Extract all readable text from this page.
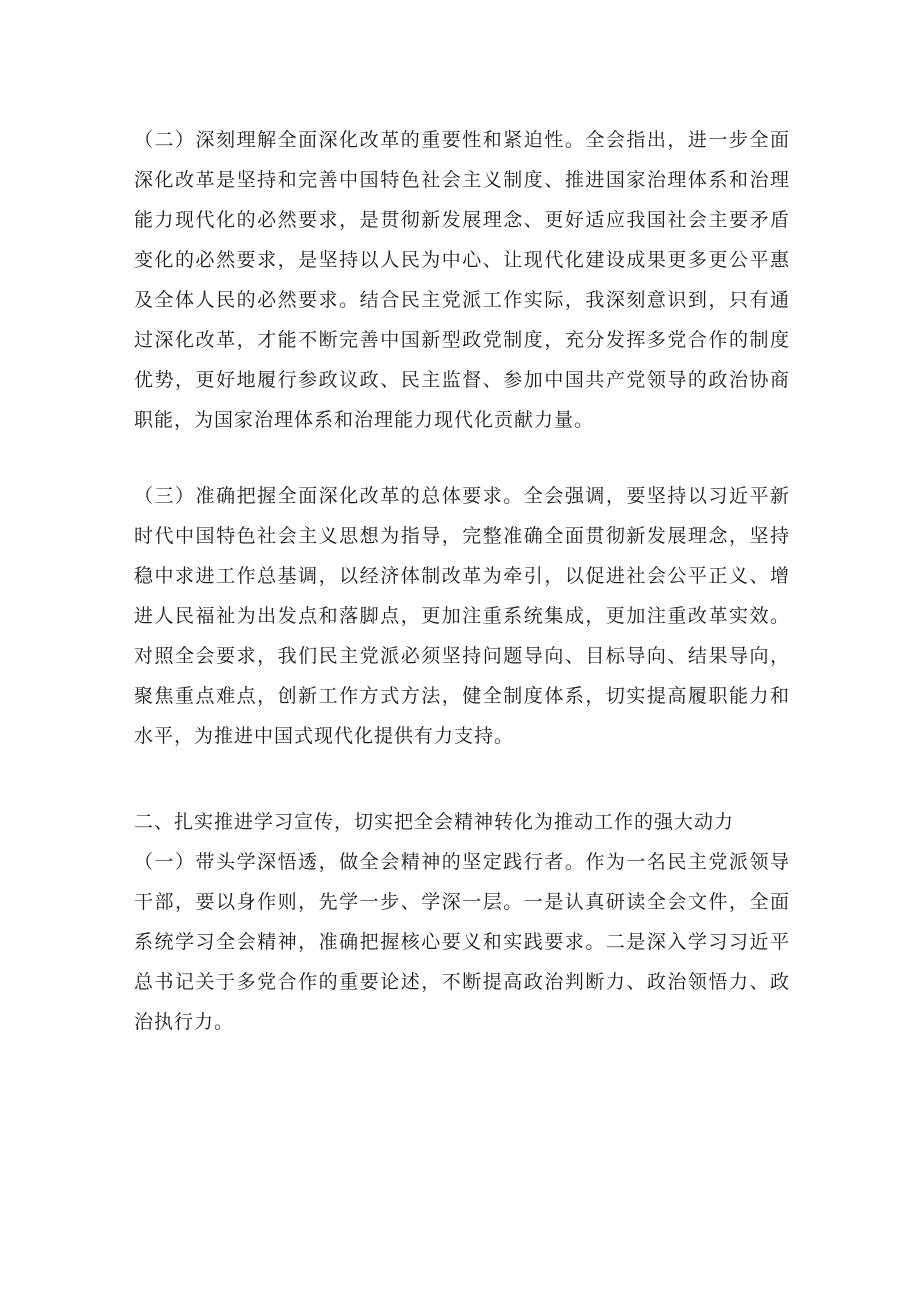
（二）深刻理解全面深化改革的重要性和紧迫性。全会指出，进一步全面深化改革是坚持和完善中国特色社会主义制度、推进国家治理体系和治理能力现代化的必然要求，是贯彻新发展理念、更好适应我国社会主要矛盾变化的必然要求，是坚持以人民为中心、让现代化建设成果更多更公平惠及全体人民的必然要求。结合民主党派工作实际，我深刻意识到，只有通过深化改革，才能不断完善中国新型政党制度，充分发挥多党合作的制度优势，更好地履行参政议政、民主监督、参加中国共产党领导的政治协商职能，为国家治理体系和治理能力现代化贡献力量。

（三）准确把握全面深化改革的总体要求。全会强调，要坚持以习近平新时代中国特色社会主义思想为指导，完整准确全面贯彻新发展理念，坚持稳中求进工作总基调，以经济体制改革为牵引，以促进社会公平正义、增进人民福祉为出发点和落脚点，更加注重系统集成，更加注重改革实效。对照全会要求，我们民主党派必须坚持问题导向、目标导向、结果导向，聚焦重点难点，创新工作方式方法，健全制度体系，切实提高履职能力和水平，为推进中国式现代化提供有力支持。

二、扎实推进学习宣传，切实把全会精神转化为推动工作的强大动力

（一）带头学深悟透，做全会精神的坚定践行者。作为一名民主党派领导干部，要以身作则，先学一步、学深一层。一是认真研读全会文件，全面系统学习全会精神，准确把握核心要义和实践要求。二是深入学习习近平总书记关于多党合作的重要论述，不断提高政治判断力、政治领悟力、政治执行力。
